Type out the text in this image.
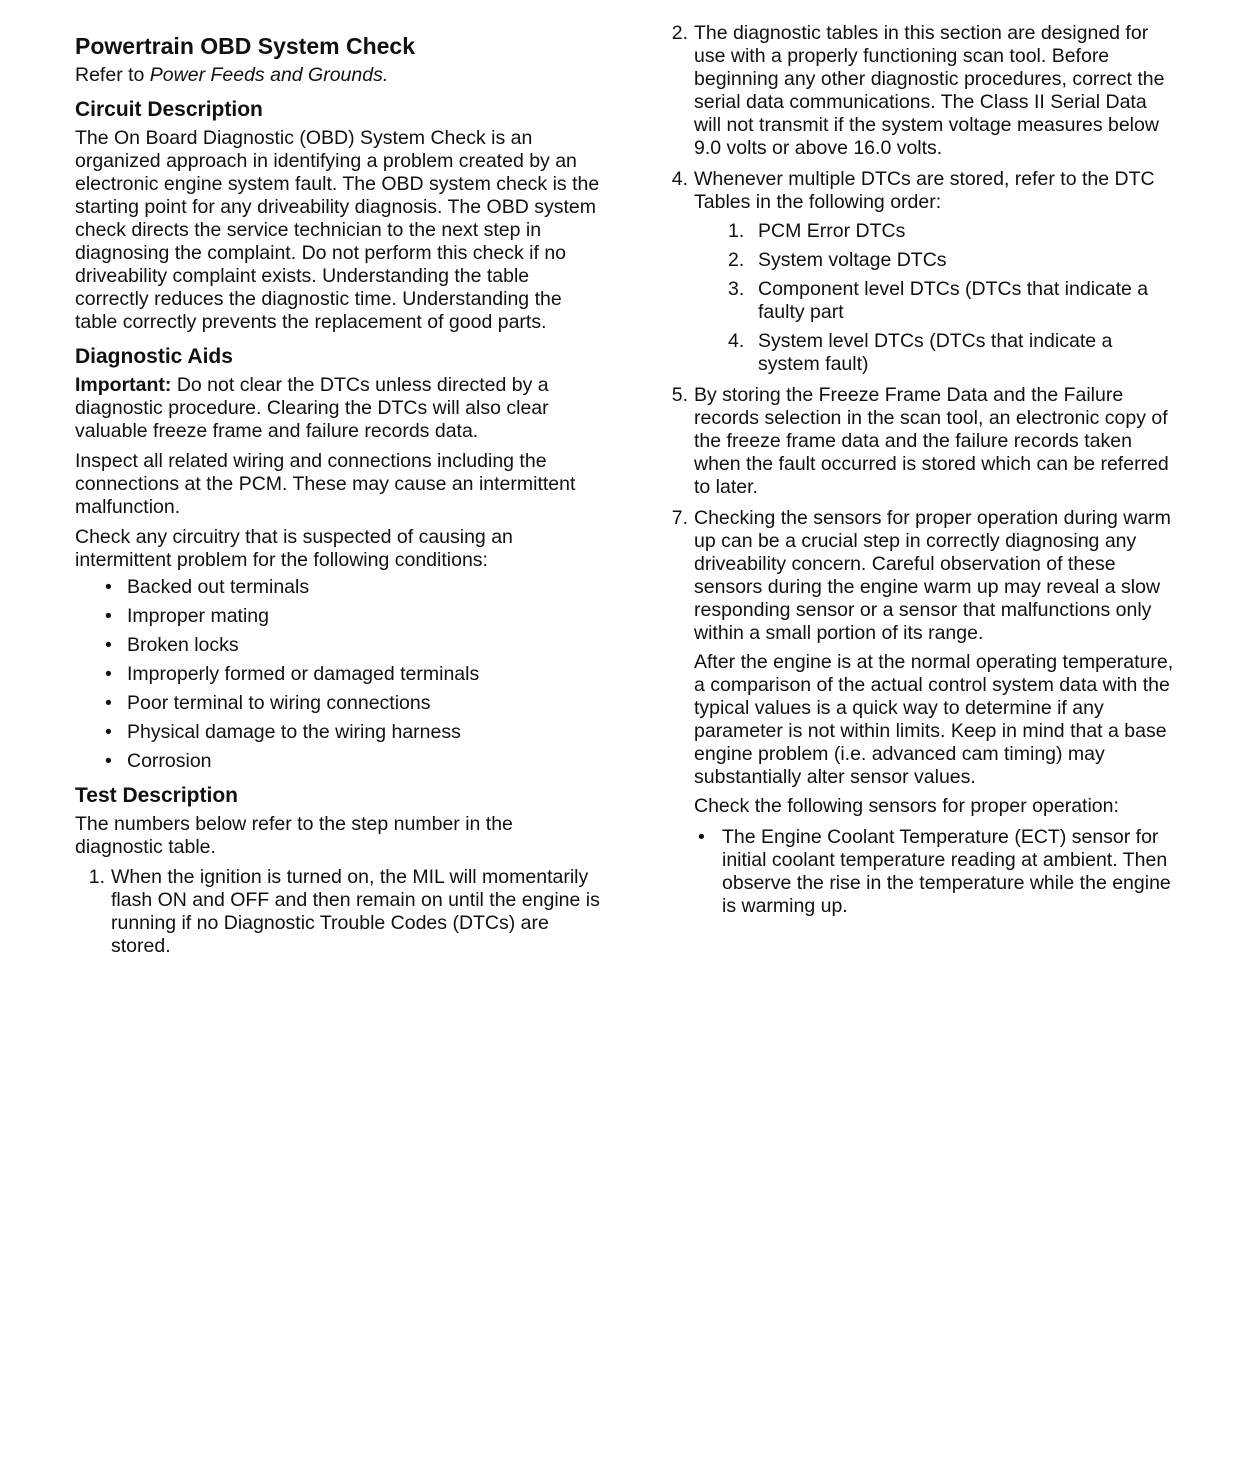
Powertrain OBD System Check

Refer to Power Feeds and Grounds.

Circuit Description

The On Board Diagnostic (OBD) System Check is an organized approach in identifying a problem created by an electronic engine system fault. The OBD system check is the starting point for any driveability diagnosis. The OBD system check directs the service technician to the next step in diagnosing the complaint. Do not perform this check if no driveability complaint exists. Understanding the table correctly reduces the diagnostic time. Understanding the table correctly prevents the replacement of good parts.

Diagnostic Aids

Important: Do not clear the DTCs unless directed by a diagnostic procedure. Clearing the DTCs will also clear valuable freeze frame and failure records data.

Inspect all related wiring and connections including the connections at the PCM. These may cause an intermittent malfunction.

Check any circuitry that is suspected of causing an intermittent problem for the following conditions:

• Backed out terminals
• Improper mating
• Broken locks
• Improperly formed or damaged terminals
• Poor terminal to wiring connections
• Physical damage to the wiring harness
• Corrosion
Test Description

The numbers below refer to the step number in the diagnostic table.

1. When the ignition is turned on, the MIL will momentarily flash ON and OFF and then remain on until the engine is running if no Diagnostic Trouble Codes (DTCs) are stored.
2. The diagnostic tables in this section are designed for use with a properly functioning scan tool. Before beginning any other diagnostic procedures, correct the serial data communications. The Class II Serial Data will not transmit if the system voltage measures below 9.0 volts or above 16.0 volts.
4. Whenever multiple DTCs are stored, refer to the DTC Tables in the following order:
1. PCM Error DTCs
2. System voltage DTCs
3. Component level DTCs (DTCs that indicate a faulty part
4. System level DTCs (DTCs that indicate a system fault)
5. By storing the Freeze Frame Data and the Failure records selection in the scan tool, an electronic copy of the freeze frame data and the failure records taken when the fault occurred is stored which can be referred to later.
7. Checking the sensors for proper operation during warm up can be a crucial step in correctly diagnosing any driveability concern. Careful observation of these sensors during the engine warm up may reveal a slow responding sensor or a sensor that malfunctions only within a small portion of its range.

After the engine is at the normal operating temperature, a comparison of the actual control system data with the typical values is a quick way to determine if any parameter is not within limits. Keep in mind that a base engine problem (i.e. advanced cam timing) may substantially alter sensor values.

Check the following sensors for proper operation:

• The Engine Coolant Temperature (ECT) sensor for initial coolant temperature reading at ambient. Then observe the rise in the temperature while the engine is warming up.
